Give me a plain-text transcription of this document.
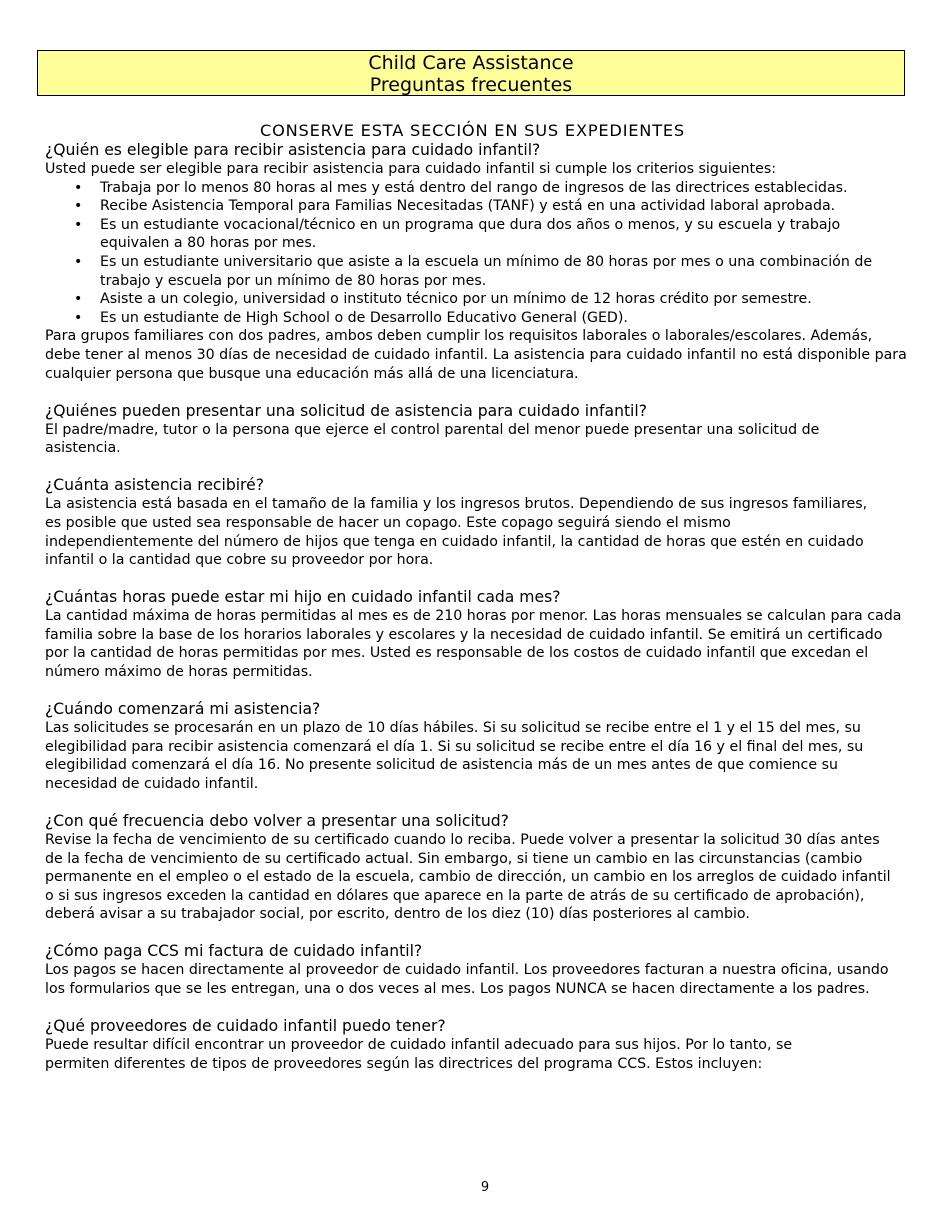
Child Care Assistance
Preguntas frecuentes
CONSERVE ESTA SECCIÓN EN SUS EXPEDIENTES
¿Quién es elegible para recibir asistencia para cuidado infantil?
Usted puede ser elegible para recibir asistencia para cuidado infantil si cumple los criterios siguientes:
• Trabaja por lo menos 80 horas al mes y está dentro del rango de ingresos de las directrices establecidas.
• Recibe Asistencia Temporal para Familias Necesitadas (TANF) y está en una actividad laboral aprobada.
• Es un estudiante vocacional/técnico en un programa que dura dos años o menos, y su escuela y trabajo equivalen a 80 horas por mes.
• Es un estudiante universitario que asiste a la escuela un mínimo de 80 horas por mes o una combinación de trabajo y escuela por un mínimo de 80 horas por mes.
• Asiste a un colegio, universidad o instituto técnico por un mínimo de 12 horas crédito por semestre.
• Es un estudiante de High School o de Desarrollo Educativo General (GED).
Para grupos familiares con dos padres, ambos deben cumplir los requisitos laborales o laborales/escolares. Además, debe tener al menos 30 días de necesidad de cuidado infantil. La asistencia para cuidado infantil no está disponible para cualquier persona que busque una educación más allá de una licenciatura.
¿Quiénes pueden presentar una solicitud de asistencia para cuidado infantil?
El padre/madre, tutor o la persona que ejerce el control parental del menor puede presentar una solicitud de asistencia.
¿Cuánta asistencia recibiré?
La asistencia está basada en el tamaño de la familia y los ingresos brutos. Dependiendo de sus ingresos familiares, es posible que usted sea responsable de hacer un copago. Este copago seguirá siendo el mismo independientemente del número de hijos que tenga en cuidado infantil, la cantidad de horas que estén en cuidado infantil o la cantidad que cobre su proveedor por hora.
¿Cuántas horas puede estar mi hijo en cuidado infantil cada mes?
La cantidad máxima de horas permitidas al mes es de 210 horas por menor. Las horas mensuales se calculan para cada familia sobre la base de los horarios laborales y escolares y la necesidad de cuidado infantil. Se emitirá un certificado por la cantidad de horas permitidas por mes. Usted es responsable de los costos de cuidado infantil que excedan el número máximo de horas permitidas.
¿Cuándo comenzará mi asistencia?
Las solicitudes se procesarán en un plazo de 10 días hábiles. Si su solicitud se recibe entre el 1 y el 15 del mes, su elegibilidad para recibir asistencia comenzará el día 1. Si su solicitud se recibe entre el día 16 y el final del mes, su elegibilidad comenzará el día 16. No presente solicitud de asistencia más de un mes antes de que comience su necesidad de cuidado infantil.
¿Con qué frecuencia debo volver a presentar una solicitud?
Revise la fecha de vencimiento de su certificado cuando lo reciba. Puede volver a presentar la solicitud 30 días antes de la fecha de vencimiento de su certificado actual. Sin embargo, si tiene un cambio en las circunstancias (cambio permanente en el empleo o el estado de la escuela, cambio de dirección, un cambio en los arreglos de cuidado infantil o si sus ingresos exceden la cantidad en dólares que aparece en la parte de atrás de su certificado de aprobación), deberá avisar a su trabajador social, por escrito, dentro de los diez (10) días posteriores al cambio.
¿Cómo paga CCS mi factura de cuidado infantil?
Los pagos se hacen directamente al proveedor de cuidado infantil. Los proveedores facturan a nuestra oficina, usando los formularios que se les entregan, una o dos veces al mes. Los pagos NUNCA se hacen directamente a los padres.
¿Qué proveedores de cuidado infantil puedo tener?
Puede resultar difícil encontrar un proveedor de cuidado infantil adecuado para sus hijos. Por lo tanto, se permiten diferentes de tipos de proveedores según las directrices del programa CCS. Estos incluyen:
9
